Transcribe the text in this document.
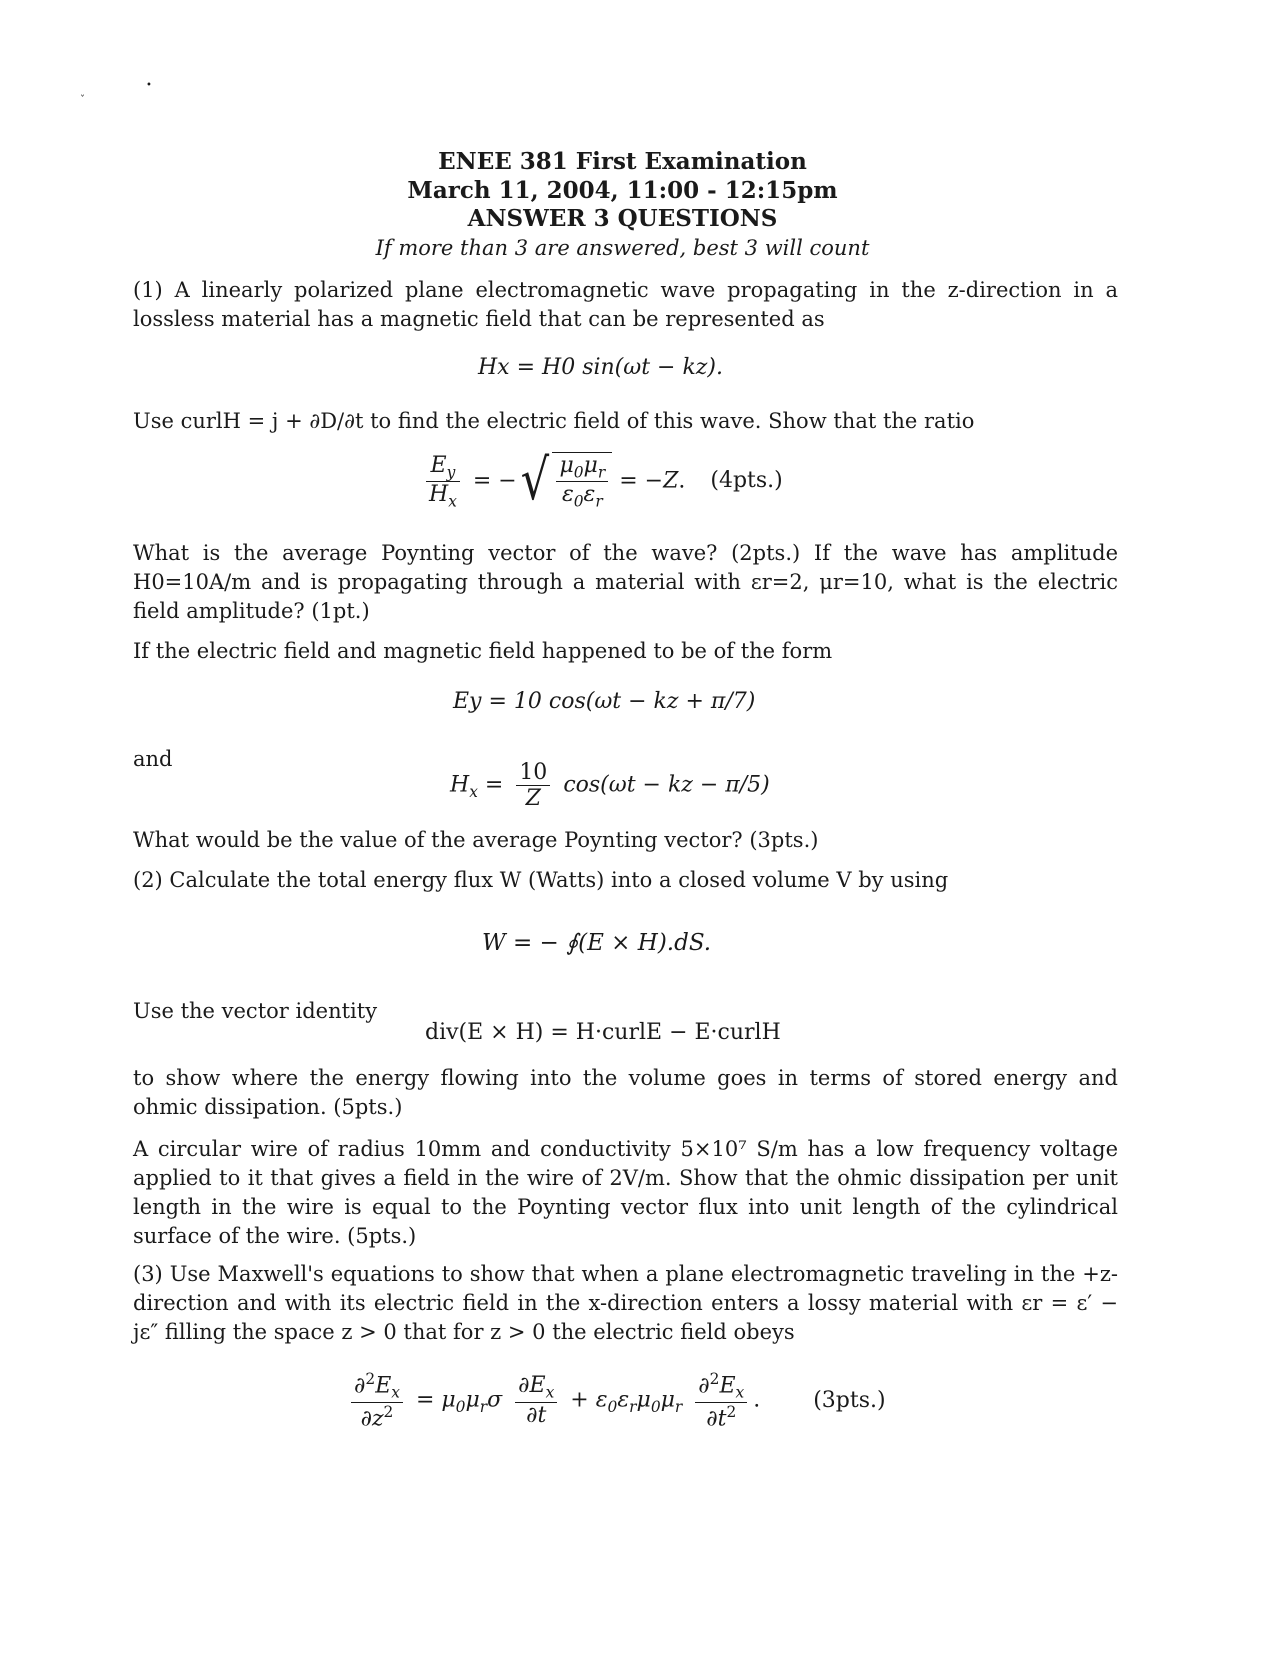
•
ˇ
ENEE 381 First Examination
March 11, 2004, 11:00 - 12:15pm
ANSWER 3 QUESTIONS
If more than 3 are answered, best 3 will count
(1) A linearly polarized plane electromagnetic wave propagating in the z-direction in a lossless material has a magnetic field that can be represented as
Hx = H0 sin(ωt − kz).
Use curlH = j + ∂D/∂t to find the electric field of this wave. Show that the ratio
$\frac{E_y}{H_x}$ = −√ $\frac{\mu_0\mu_r}{\varepsilon_0\varepsilon_r} = -Z$. (4pts.)
What is the average Poynting vector of the wave? (2pts.) If the wave has amplitude H0=10A/m and is propagating through a material with εr=2, μr=10, what is the electric field amplitude? (1pt.)
If the electric field and magnetic field happened to be of the form
Ey = 10 cos(ωt − kz + π/7)
and
$H_x = \frac{10}{Z} \cos(\omega t$ − kz − π/5)
What would be the value of the average Poynting vector? (3pts.)
(2) Calculate the total energy flux W (Watts) into a closed volume V by using
W = − ∮(E × H).dS.
Use the vector identity
div(E × H) = H·curlE − E·curlH
to show where the energy flowing into the volume goes in terms of stored energy and ohmic dissipation. (5pts.)
A circular wire of radius 10mm and conductivity 5×10⁷ S/m has a low frequency voltage applied to it that gives a field in the wire of 2V/m. Show that the ohmic dissipation per unit length in the wire is equal to the Poynting vector flux into unit length of the cylindrical surface of the wire. (5pts.)
(3) Use Maxwell's equations to show that when a plane electromagnetic traveling in the +z-direction and with its electric field in the x-direction enters a lossy material with εr = ε′ − jε″ filling the space z > 0 that for z > 0 the electric field obeys
$\frac{\partial^2E_x}{\partial z^2} = \mu_0\mu_r\sigma \frac{\partial E_x}{\partial t} + \varepsilon_0\varepsilon_r\mu_0\mu_r \frac{\partial^2E_x}{\partial t^2}$ . (3pts.)
